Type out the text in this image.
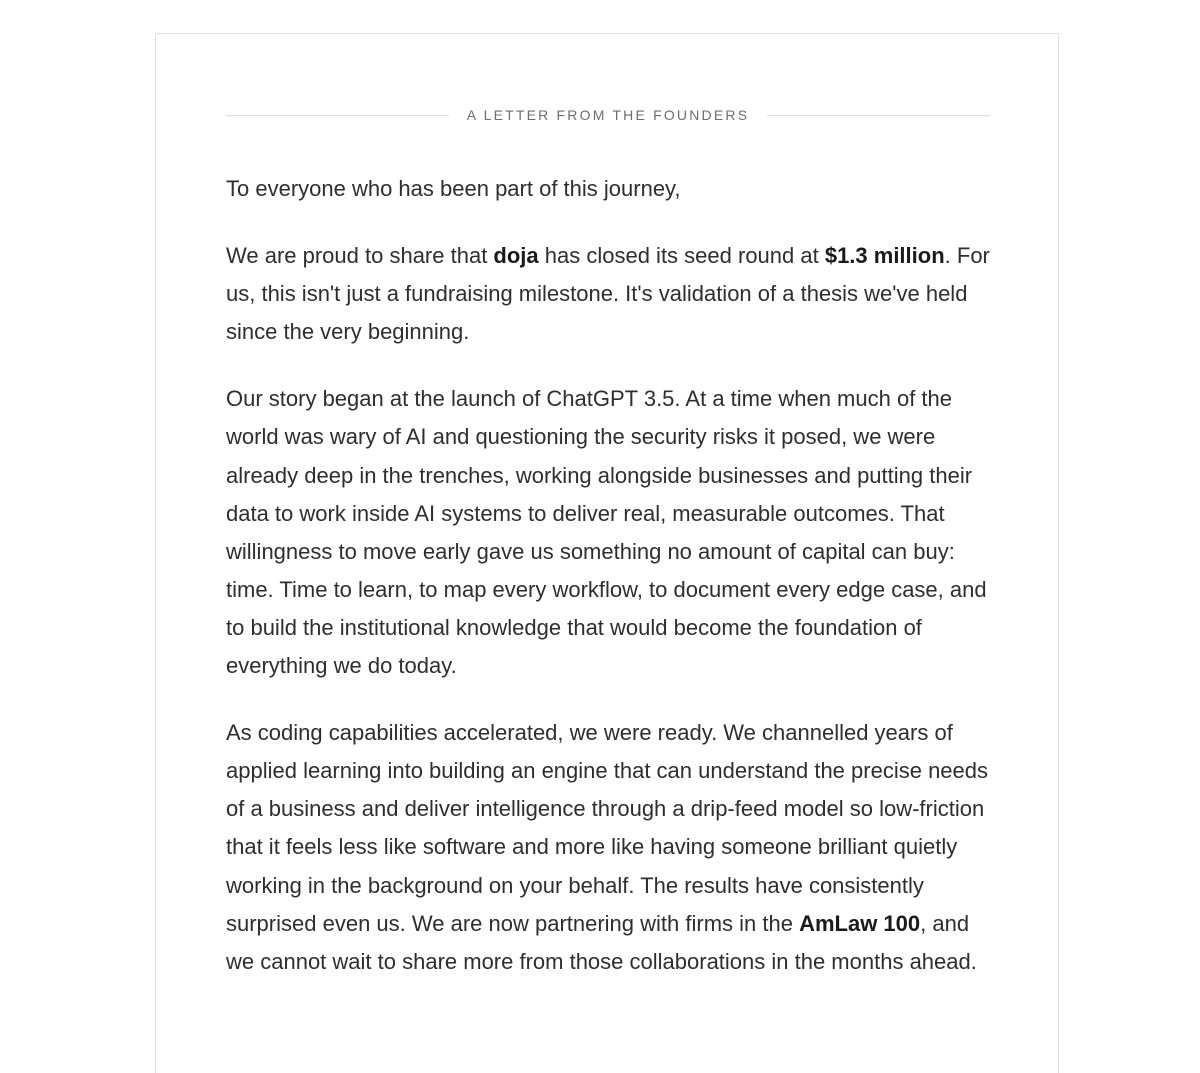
A LETTER FROM THE FOUNDERS

To everyone who has been part of this journey,

We are proud to share that doja has closed its seed round at $1.3 million. For us, this isn't just a fundraising milestone. It's validation of a thesis we've held since the very beginning.

Our story began at the launch of ChatGPT 3.5. At a time when much of the world was wary of AI and questioning the security risks it posed, we were already deep in the trenches, working alongside businesses and putting their data to work inside AI systems to deliver real, measurable outcomes. That willingness to move early gave us something no amount of capital can buy: time. Time to learn, to map every workflow, to document every edge case, and to build the institutional knowledge that would become the foundation of everything we do today.

As coding capabilities accelerated, we were ready. We channelled years of applied learning into building an engine that can understand the precise needs of a business and deliver intelligence through a drip-feed model so low-friction that it feels less like software and more like having someone brilliant quietly working in the background on your behalf. The results have consistently surprised even us. We are now partnering with firms in the AmLaw 100, and we cannot wait to share more from those collaborations in the months ahead.
